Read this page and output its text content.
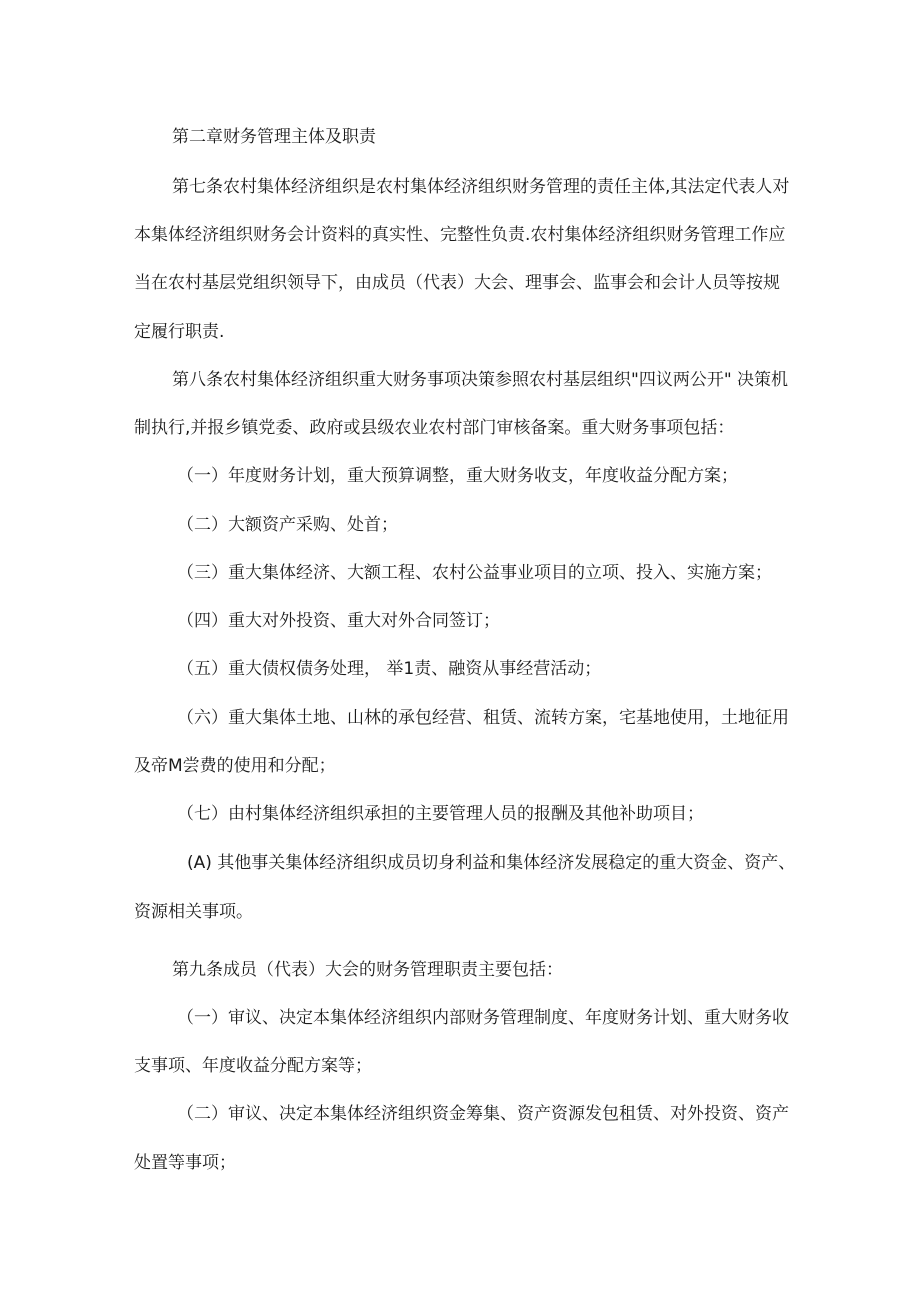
第二章财务管理主体及职责
第七条农村集体经济组织是农村集体经济组织财务管理的责任主体,其法定代表人对
本集体经济组织财务会计资料的真实性、完整性负责.农村集体经济组织财务管理工作应
当在农村基层党组织领导下，由成员（代表）大会、理事会、监事会和会计人员等按规
定履行职责.
第八条农村集体经济组织重大财务事项决策参照农村基层组织"四议两公开" 决策机
制执行,并报乡镇党委、政府或县级农业农村部门审核备案。重大财务事项包括：
（一）年度财务计划，重大预算调整，重大财务收支，年度收益分配方案；
（二）大额资产采购、处首；
（三）重大集体经济、大额工程、农村公益事业项目的立项、投入、实施方案；
（四）重大对外投资、重大对外合同签订；
（五）重大债权债务处理， 举1责、融资从事经营活动；
（六）重大集体土地、山林的承包经营、租赁、流转方案，宅基地使用，土地征用
及帝M尝费的使用和分配；
（七）由村集体经济组织承担的主要管理人员的报酬及其他补助项目；
(A) 其他事关集体经济组织成员切身利益和集体经济发展稳定的重大资金、资产、
资源相关事项。
第九条成员（代表）大会的财务管理职责主要包括：
（一）审议、决定本集体经济组织内部财务管理制度、年度财务计划、重大财务收
支事项、年度收益分配方案等；
（二）审议、决定本集体经济组织资金筹集、资产资源发包租赁、对外投资、资产
处置等事项；
